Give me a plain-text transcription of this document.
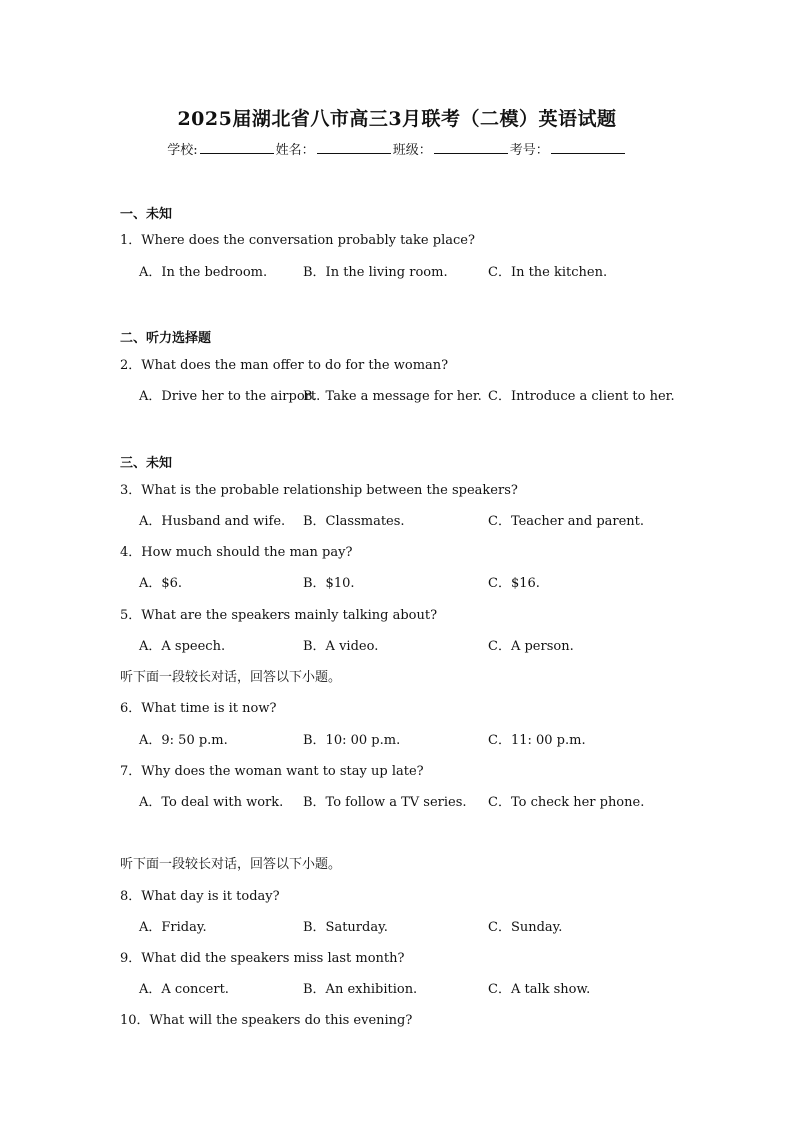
2025届湖北省八市高三3月联考（二模）英语试题
学校:	姓名：	班级：	考号：
一、未知
1．Where does the conversation probably take place?
A．In the bedroom.	B．In the living room.	C．In the kitchen.
二、听力选择题
2．What does the man offer to do for the woman?
A．Drive her to the airport.
B．Take a message for her. C．Introduce a client to her.
三、未知
3．What is the probable relationship between the speakers?
A．Husband and wife. B．Classmates.	C．Teacher and parent.
4．How much should the man pay?
A．$6.	B．$10.	C．$16.
5．What are the speakers mainly talking about?
A．A speech.	B．A video.	C．A person.
听下面一段较长对话，回答以下小题。
6．What time is it now?
A．9: 50 p.m.	B．10: 00 p.m.	C．11: 00 p.m.
7．Why does the woman want to stay up late?
A．To deal with work. B．To follow a TV series. C．To check her phone.
听下面一段较长对话，回答以下小题。
8．What day is it today?
A．Friday.	B．Saturday.	C．Sunday.
9．What did the speakers miss last month?
A．A concert.	B．An exhibition.	C．A talk show.
10．What will the speakers do this evening?
